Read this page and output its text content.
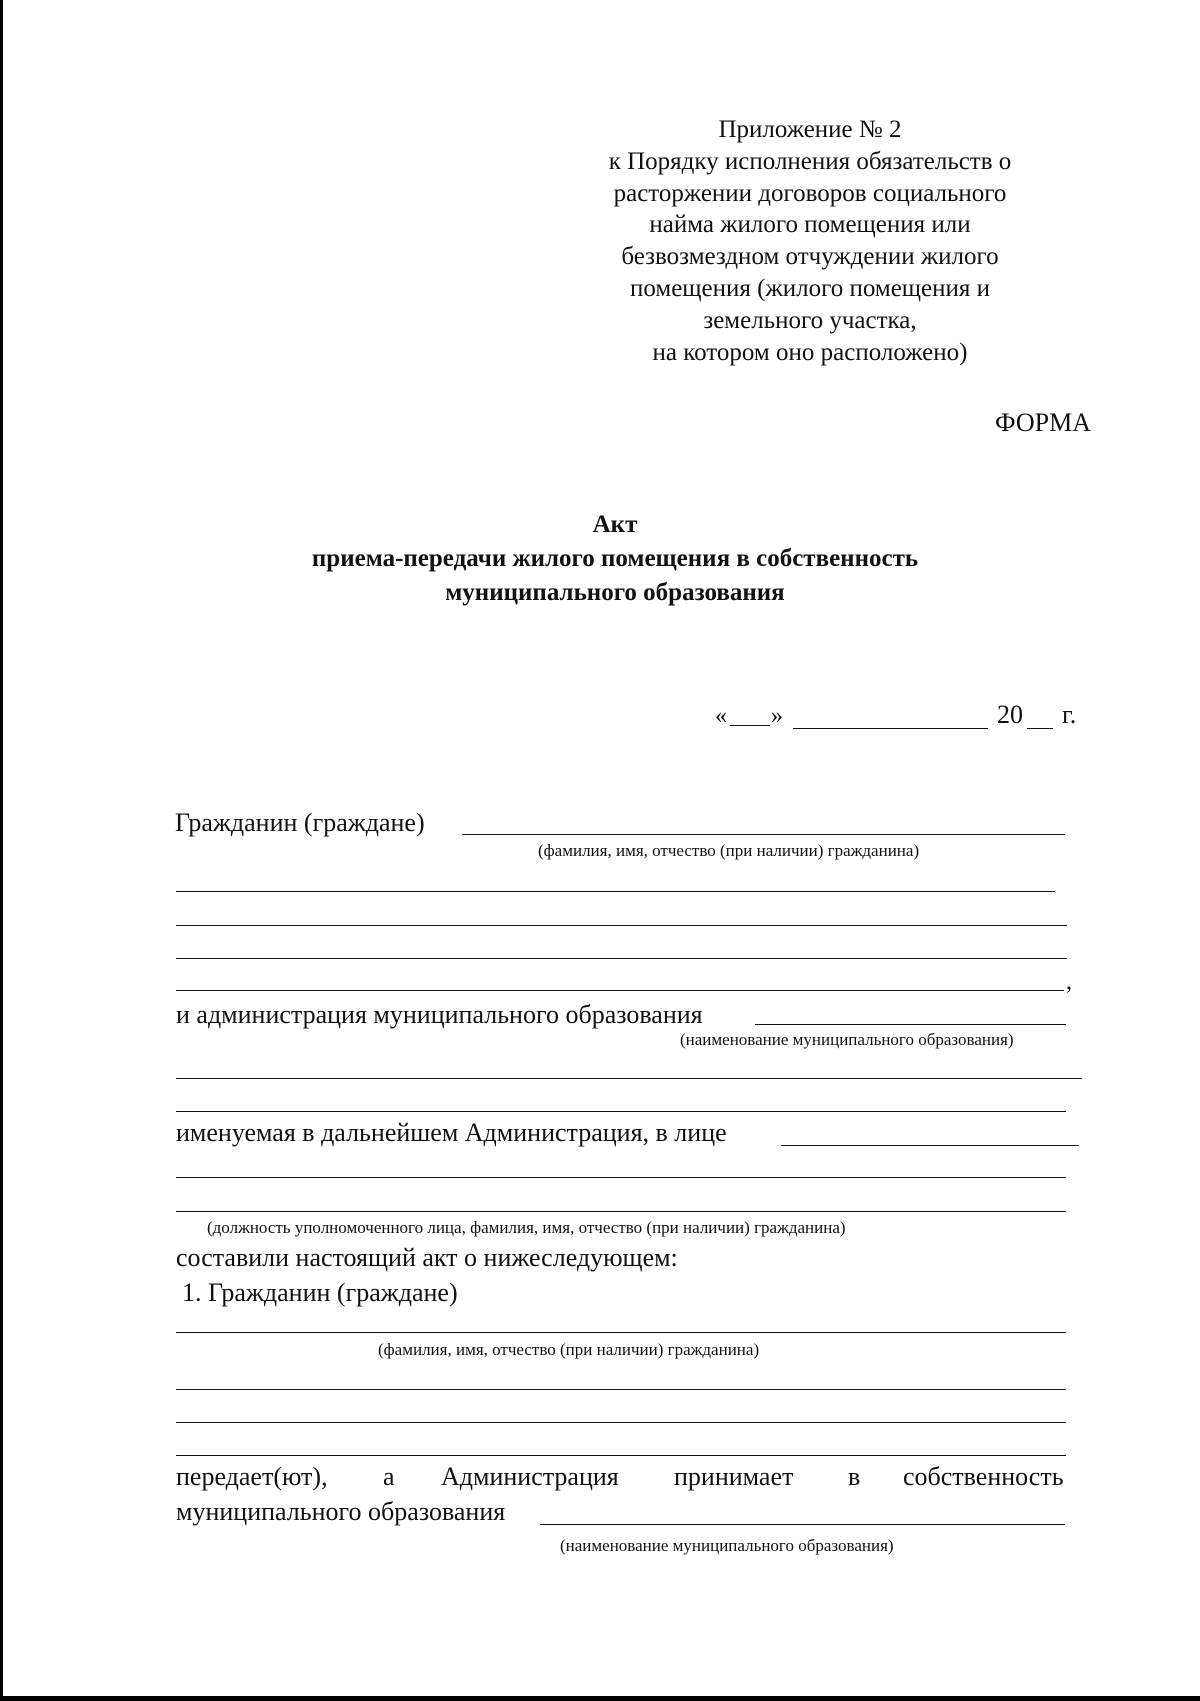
Приложение № 2
к Порядку исполнения обязательств о
расторжении договоров социального
найма жилого помещения или
безвозмездном отчуждении жилого
помещения (жилого помещения и
земельного участка,
на котором оно расположено)
ФОРМА
Акт
приема-передачи жилого помещения в собственность
муниципального образования
« »	20 г.
Гражданин (граждане)
(фамилия, имя, отчество (при наличии) гражданина)
,
и администрация муниципального образования
(наименование муниципального образования)
именуемая в дальнейшем Администрация, в лице
(должность уполномоченного лица, фамилия, имя, отчество (при наличии) гражданина)
составили настоящий акт о нижеследующем:
1. Гражданин (граждане)
(фамилия, имя, отчество (при наличии) гражданина)
передает(ют), а Администрация принимает в собственность
муниципального образования
(наименование муниципального образования)
